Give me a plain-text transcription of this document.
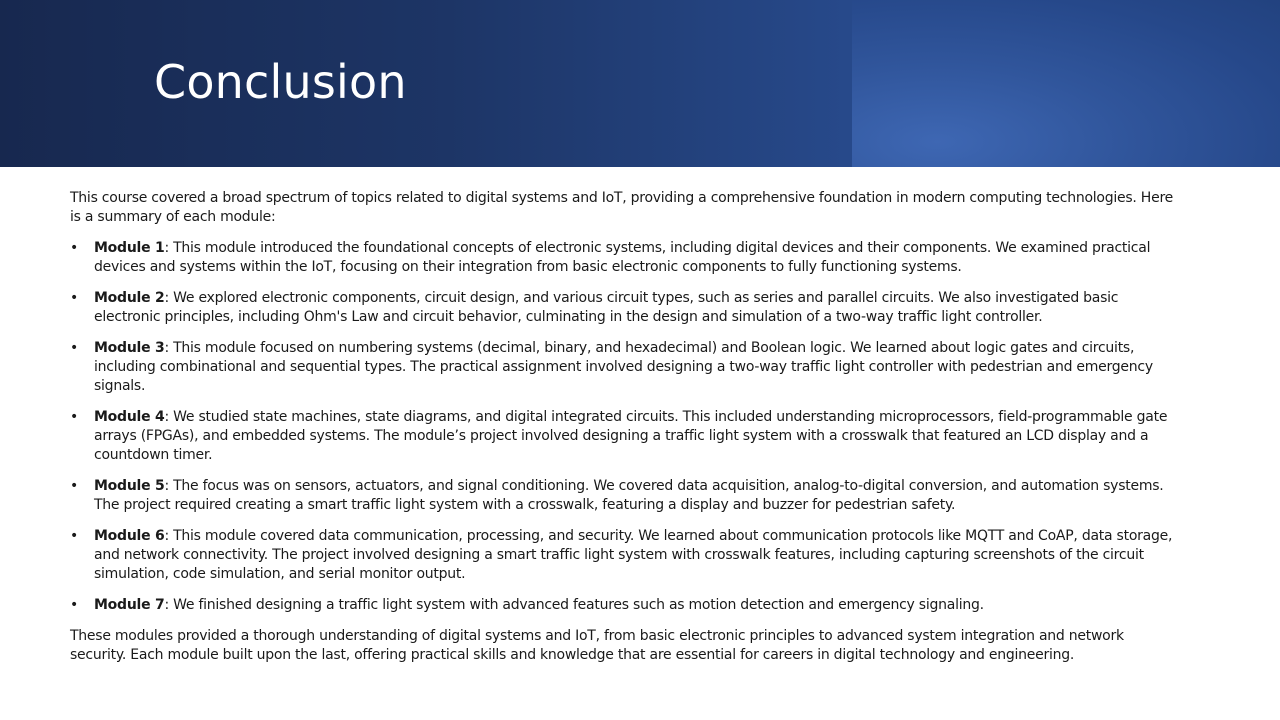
Conclusion

This course covered a broad spectrum of topics related to digital systems and IoT, providing a comprehensive foundation in modern computing technologies. Here is a summary of each module:

• Module 1: This module introduced the foundational concepts of electronic systems, including digital devices and their components. We examined practical devices and systems within the IoT, focusing on their integration from basic electronic components to fully functioning systems.
• Module 2: We explored electronic components, circuit design, and various circuit types, such as series and parallel circuits. We also investigated basic electronic principles, including Ohm's Law and circuit behavior, culminating in the design and simulation of a two-way traffic light controller.
• Module 3: This module focused on numbering systems (decimal, binary, and hexadecimal) and Boolean logic. We learned about logic gates and circuits, including combinational and sequential types. The practical assignment involved designing a two-way traffic light controller with pedestrian and emergency signals.
• Module 4: We studied state machines, state diagrams, and digital integrated circuits. This included understanding microprocessors, field-programmable gate arrays (FPGAs), and embedded systems. The module’s project involved designing a traffic light system with a crosswalk that featured an LCD display and a countdown timer.
• Module 5: The focus was on sensors, actuators, and signal conditioning. We covered data acquisition, analog-to-digital conversion, and automation systems. The project required creating a smart traffic light system with a crosswalk, featuring a display and buzzer for pedestrian safety.
• Module 6: This module covered data communication, processing, and security. We learned about communication protocols like MQTT and CoAP, data storage, and network connectivity. The project involved designing a smart traffic light system with crosswalk features, including capturing screenshots of the circuit simulation, code simulation, and serial monitor output.
• Module 7: We finished designing a traffic light system with advanced features such as motion detection and emergency signaling.

These modules provided a thorough understanding of digital systems and IoT, from basic electronic principles to advanced system integration and network security. Each module built upon the last, offering practical skills and knowledge that are essential for careers in digital technology and engineering.
